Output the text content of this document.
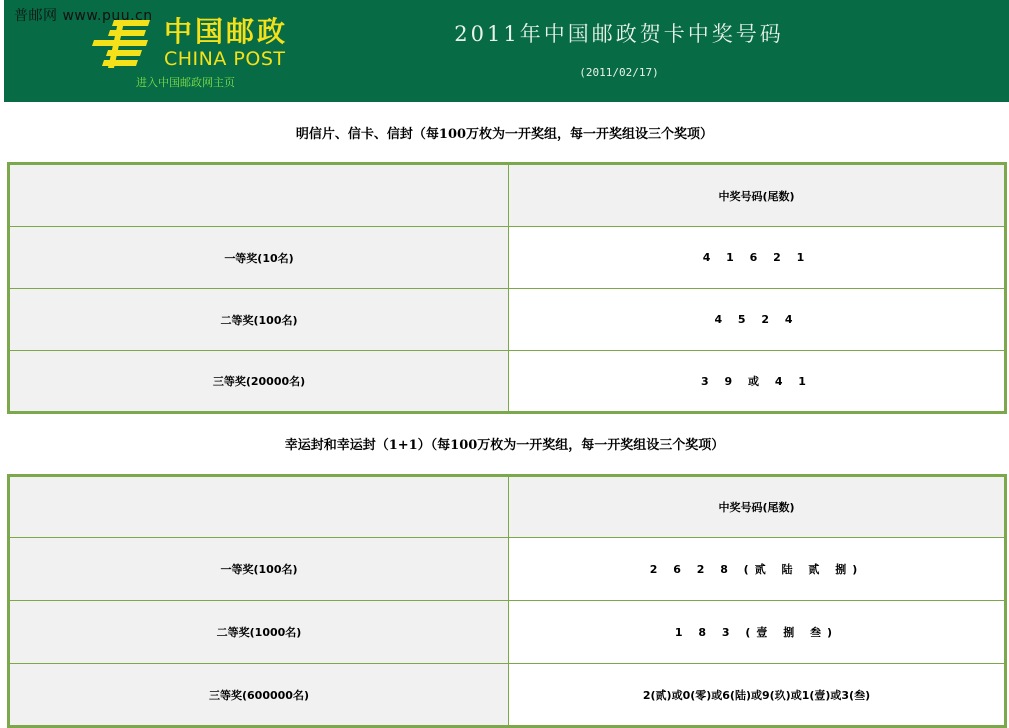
中国邮政
CHINA POST
进入中国邮政网主页
2011年中国邮政贺卡中奖号码
(2011/02/17)
普邮网 www.puu.cn
明信片、信卡、信封（每100万枚为一开奖组，每一开奖组设三个奖项）
	中奖号码(尾数)
一等奖(10名)	4 1 6 2 1
二等奖(100名)	4 5 2 4
三等奖(20000名)	3 9 或 4 1
幸运封和幸运封（1+1）（每100万枚为一开奖组，每一开奖组设三个奖项）
	中奖号码(尾数)
一等奖(100名)	2 6 2 8 (贰 陆 贰 捌)
二等奖(1000名)	1 8 3 (壹 捌 叁)
三等奖(600000名)	2(贰)或0(零)或6(陆)或9(玖)或1(壹)或3(叁)
